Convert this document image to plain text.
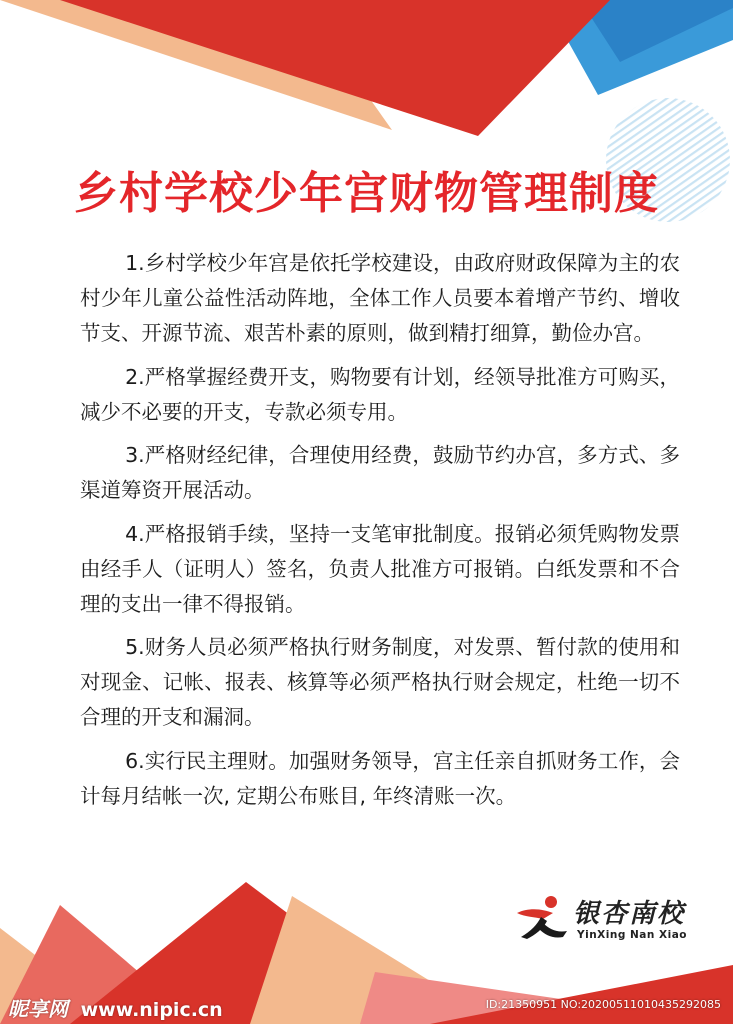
乡村学校少年宫财物管理制度

1.乡村学校少年宫是依托学校建设，由政府财政保障为主的农村少年儿童公益性活动阵地，全体工作人员要本着增产节约、增收节支、开源节流、艰苦朴素的原则，做到精打细算，勤俭办宫。

2.严格掌握经费开支，购物要有计划，经领导批准方可购买，减少不必要的开支，专款必须专用。

3.严格财经纪律，合理使用经费，鼓励节约办宫，多方式、多渠道筹资开展活动。

4.严格报销手续，坚持一支笔审批制度。报销必须凭购物发票由经手人（证明人）签名，负责人批准方可报销。白纸发票和不合理的支出一律不得报销。

5.财务人员必须严格执行财务制度，对发票、暂付款的使用和对现金、记帐、报表、核算等必须严格执行财会规定，杜绝一切不合理的开支和漏洞。

6.实行民主理财。加强财务领导，宫主任亲自抓财务工作，会计每月结帐一次, 定期公布账目, 年终清账一次。

银杏南校
YinXing Nan Xiao
昵享网 www.nipic.cn	ID:21350951 NO:20200511010435292085
